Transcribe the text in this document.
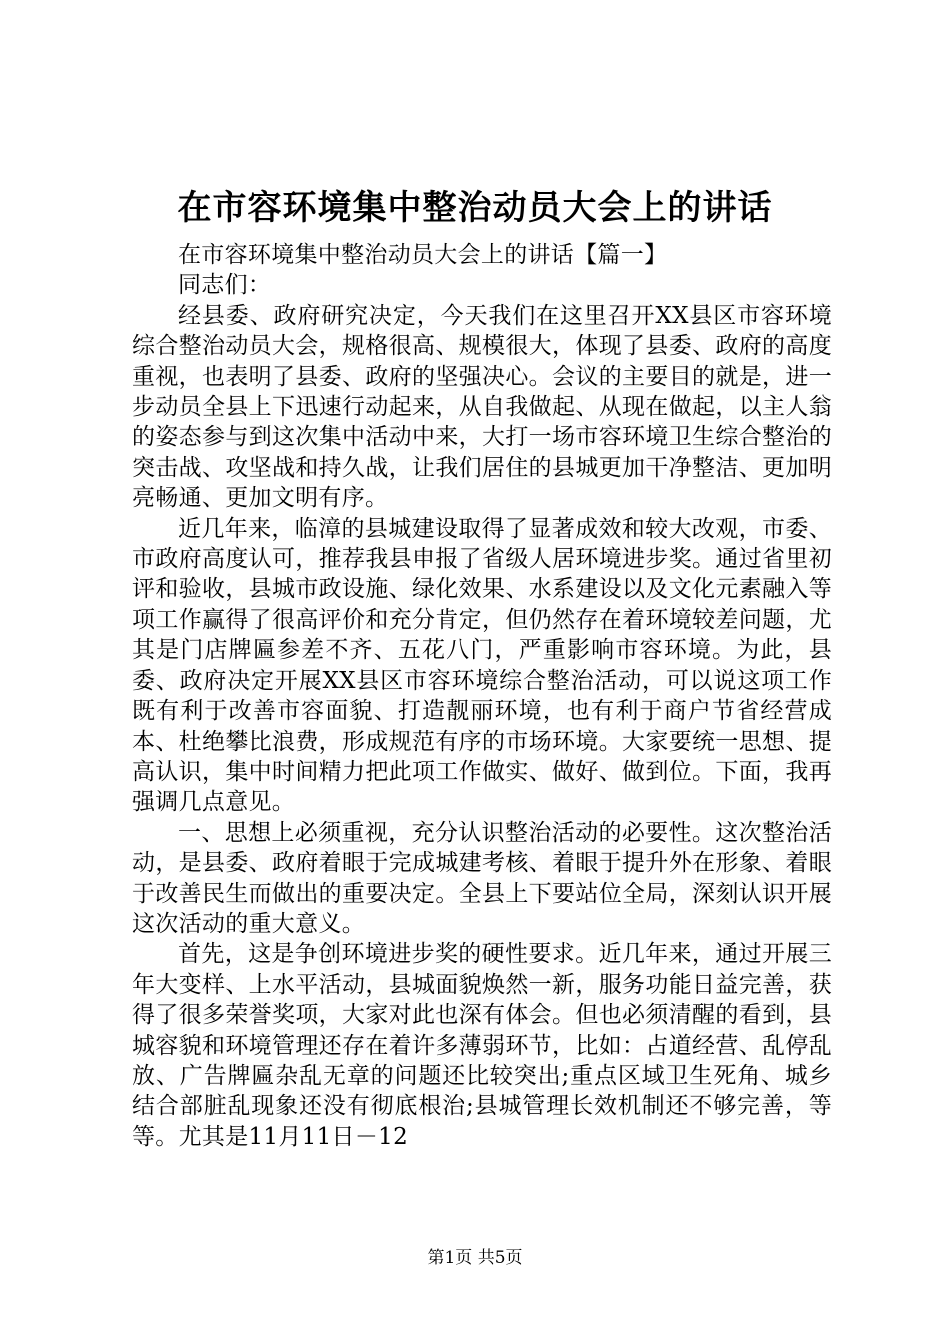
在市容环境集中整治动员大会上的讲话

在市容环境集中整治动员大会上的讲话【篇一】

同志们：

经县委、政府研究决定，今天我们在这里召开XX县区市容环境综合整治动员大会，规格很高、规模很大，体现了县委、政府的高度重视，也表明了县委、政府的坚强决心。会议的主要目的就是，进一步动员全县上下迅速行动起来，从自我做起、从现在做起，以主人翁的姿态参与到这次集中活动中来，大打一场市容环境卫生综合整治的突击战、攻坚战和持久战，让我们居住的县城更加干净整洁、更加明亮畅通、更加文明有序。

近几年来，临漳的县城建设取得了显著成效和较大改观，市委、市政府高度认可，推荐我县申报了省级人居环境进步奖。通过省里初评和验收，县城市政设施、绿化效果、水系建设以及文化元素融入等项工作赢得了很高评价和充分肯定，但仍然存在着环境较差问题，尤其是门店牌匾参差不齐、五花八门，严重影响市容环境。为此，县委、政府决定开展XX县区市容环境综合整治活动，可以说这项工作既有利于改善市容面貌、打造靓丽环境，也有利于商户节省经营成本、杜绝攀比浪费，形成规范有序的市场环境。大家要统一思想、提高认识，集中时间精力把此项工作做实、做好、做到位。下面，我再强调几点意见。

一、思想上必须重视，充分认识整治活动的必要性。这次整治活动，是县委、政府着眼于完成城建考核、着眼于提升外在形象、着眼于改善民生而做出的重要决定。全县上下要站位全局，深刻认识开展这次活动的重大意义。

首先，这是争创环境进步奖的硬性要求。近几年来，通过开展三年大变样、上水平活动，县城面貌焕然一新，服务功能日益完善，获得了很多荣誉奖项，大家对此也深有体会。但也必须清醒的看到，县城容貌和环境管理还存在着许多薄弱环节，比如：占道经营、乱停乱放、广告牌匾杂乱无章的问题还比较突出;重点区域卫生死角、城乡结合部脏乱现象还没有彻底根治;县城管理长效机制还不够完善，等等。尤其是11月11日－12

第1页 共5页
